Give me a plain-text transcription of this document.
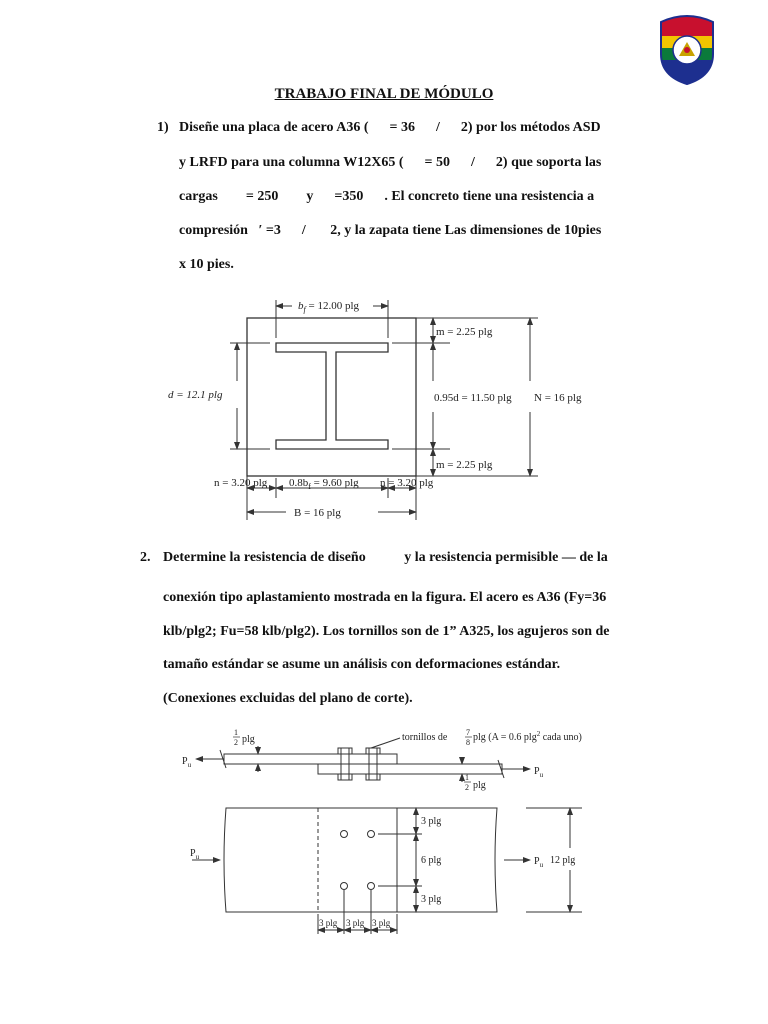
TRABAJO FINAL DE MÓDULO
1) Diseñe una placa de acero A36 (      = 36      /      2) por los métodos ASD
y LRFD para una columna W12X65 (      = 50      /      2) que soporta las
cargas        = 250        y      =350      . El concreto tiene una resistencia a
compresión   ′ =3      /       2, y la zapata tiene Las dimensiones de 10pies
x 10 pies.
$b_f = 12.00$ plg
d = 12.1 plg
m = 2.25 plg
0.95d = 11.50 plg
m = 2.25 plg
N = 16 plg
n = 3.20 plg $0.8b_f = 9.60$ plg n = 3.20 plg
B = 16 plg
2. Determine la resistencia de diseño           y la resistencia permisible — de la
conexión tipo aplastamiento mostrada en la figura. El acero es A36 (Fy=36
klb/plg2; Fu=58 klb/plg2). Los tornillos son de 1” A325, los agujeros son de
tamaño estándar se asume un análisis con deformaciones estándar.
(Conexiones excluidas del plano de corte).
1
2 plg	tornillos de 7
8 plg (A = 0.6 plg$^2$ cada uno)
$P_u$
$P_u$
$P_u$	$P_u$
1
2 plg
3 plg
6 plg
3 plg
12 plg
3 plg 3 plg 3 plg
